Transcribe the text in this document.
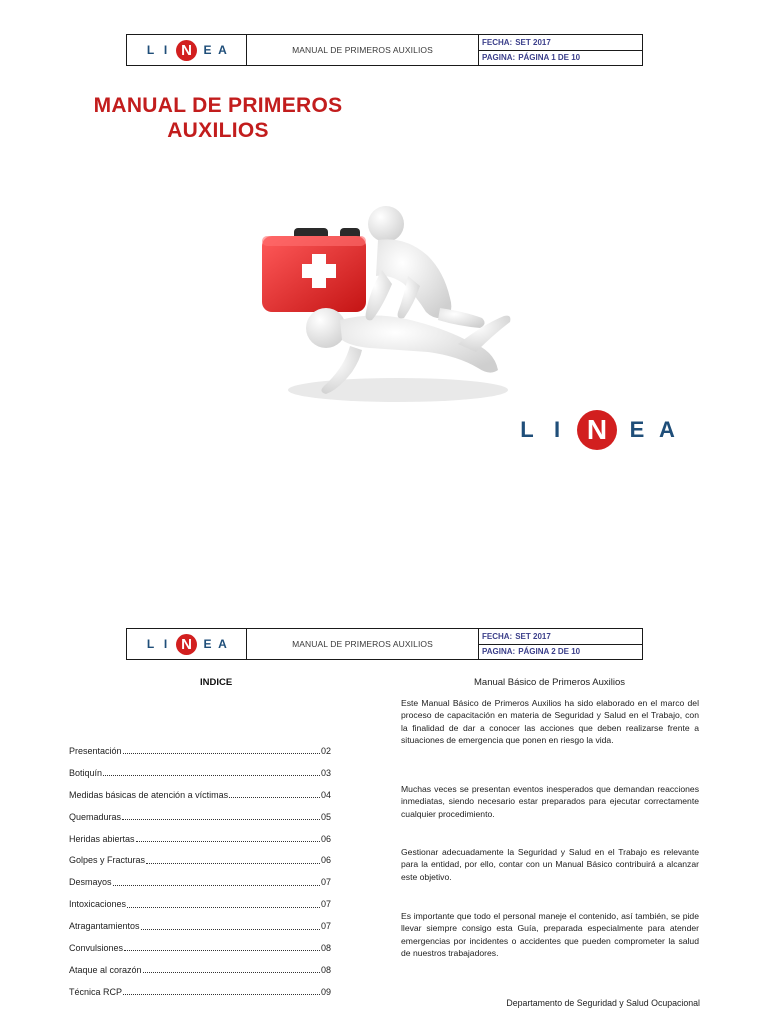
L I N E A	MANUAL DE PRIMEROS AUXILIOS
FECHA: SET 2017
PAGINA: PÁGINA 1 DE 10
MANUAL DE PRIMEROS
AUXILIOS
L I N	E A
L I N E A	MANUAL DE PRIMEROS AUXILIOS
FECHA: SET 2017
PAGINA: PÁGINA 2 DE 10
INDICE
Presentación	02
Botiquín	03
Medidas básicas de atención a víctimas	04
Quemaduras	05
Heridas abiertas	06
Golpes y Fracturas	06
Desmayos	07
Intoxicaciones	07
Atragantamientos	07
Convulsiones	08
Ataque al corazón	08
Técnica RCP	09
Manual Básico de Primeros Auxilios
Este Manual Básico de Primeros Auxilios ha sido elaborado en el marco del proceso de capacitación en materia de Seguridad y Salud en el Trabajo, con la finalidad de dar a conocer las acciones que deben realizarse frente a situaciones de emergencia que ponen en riesgo la vida.
Muchas veces se presentan eventos inesperados que demandan reacciones inmediatas, siendo necesario estar preparados para ejecutar correctamente cualquier procedimiento.
Gestionar adecuadamente la Seguridad y Salud en el Trabajo es relevante para la entidad, por ello, contar con un Manual Básico contribuirá a alcanzar este objetivo.
Es importante que todo el personal maneje el contenido, así también, se pide llevar siempre consigo esta Guía, preparada especialmente para atender emergencias por incidentes o accidentes que pueden comprometer la salud de nuestros trabajadores.
Departamento de Seguridad y Salud Ocupacional
